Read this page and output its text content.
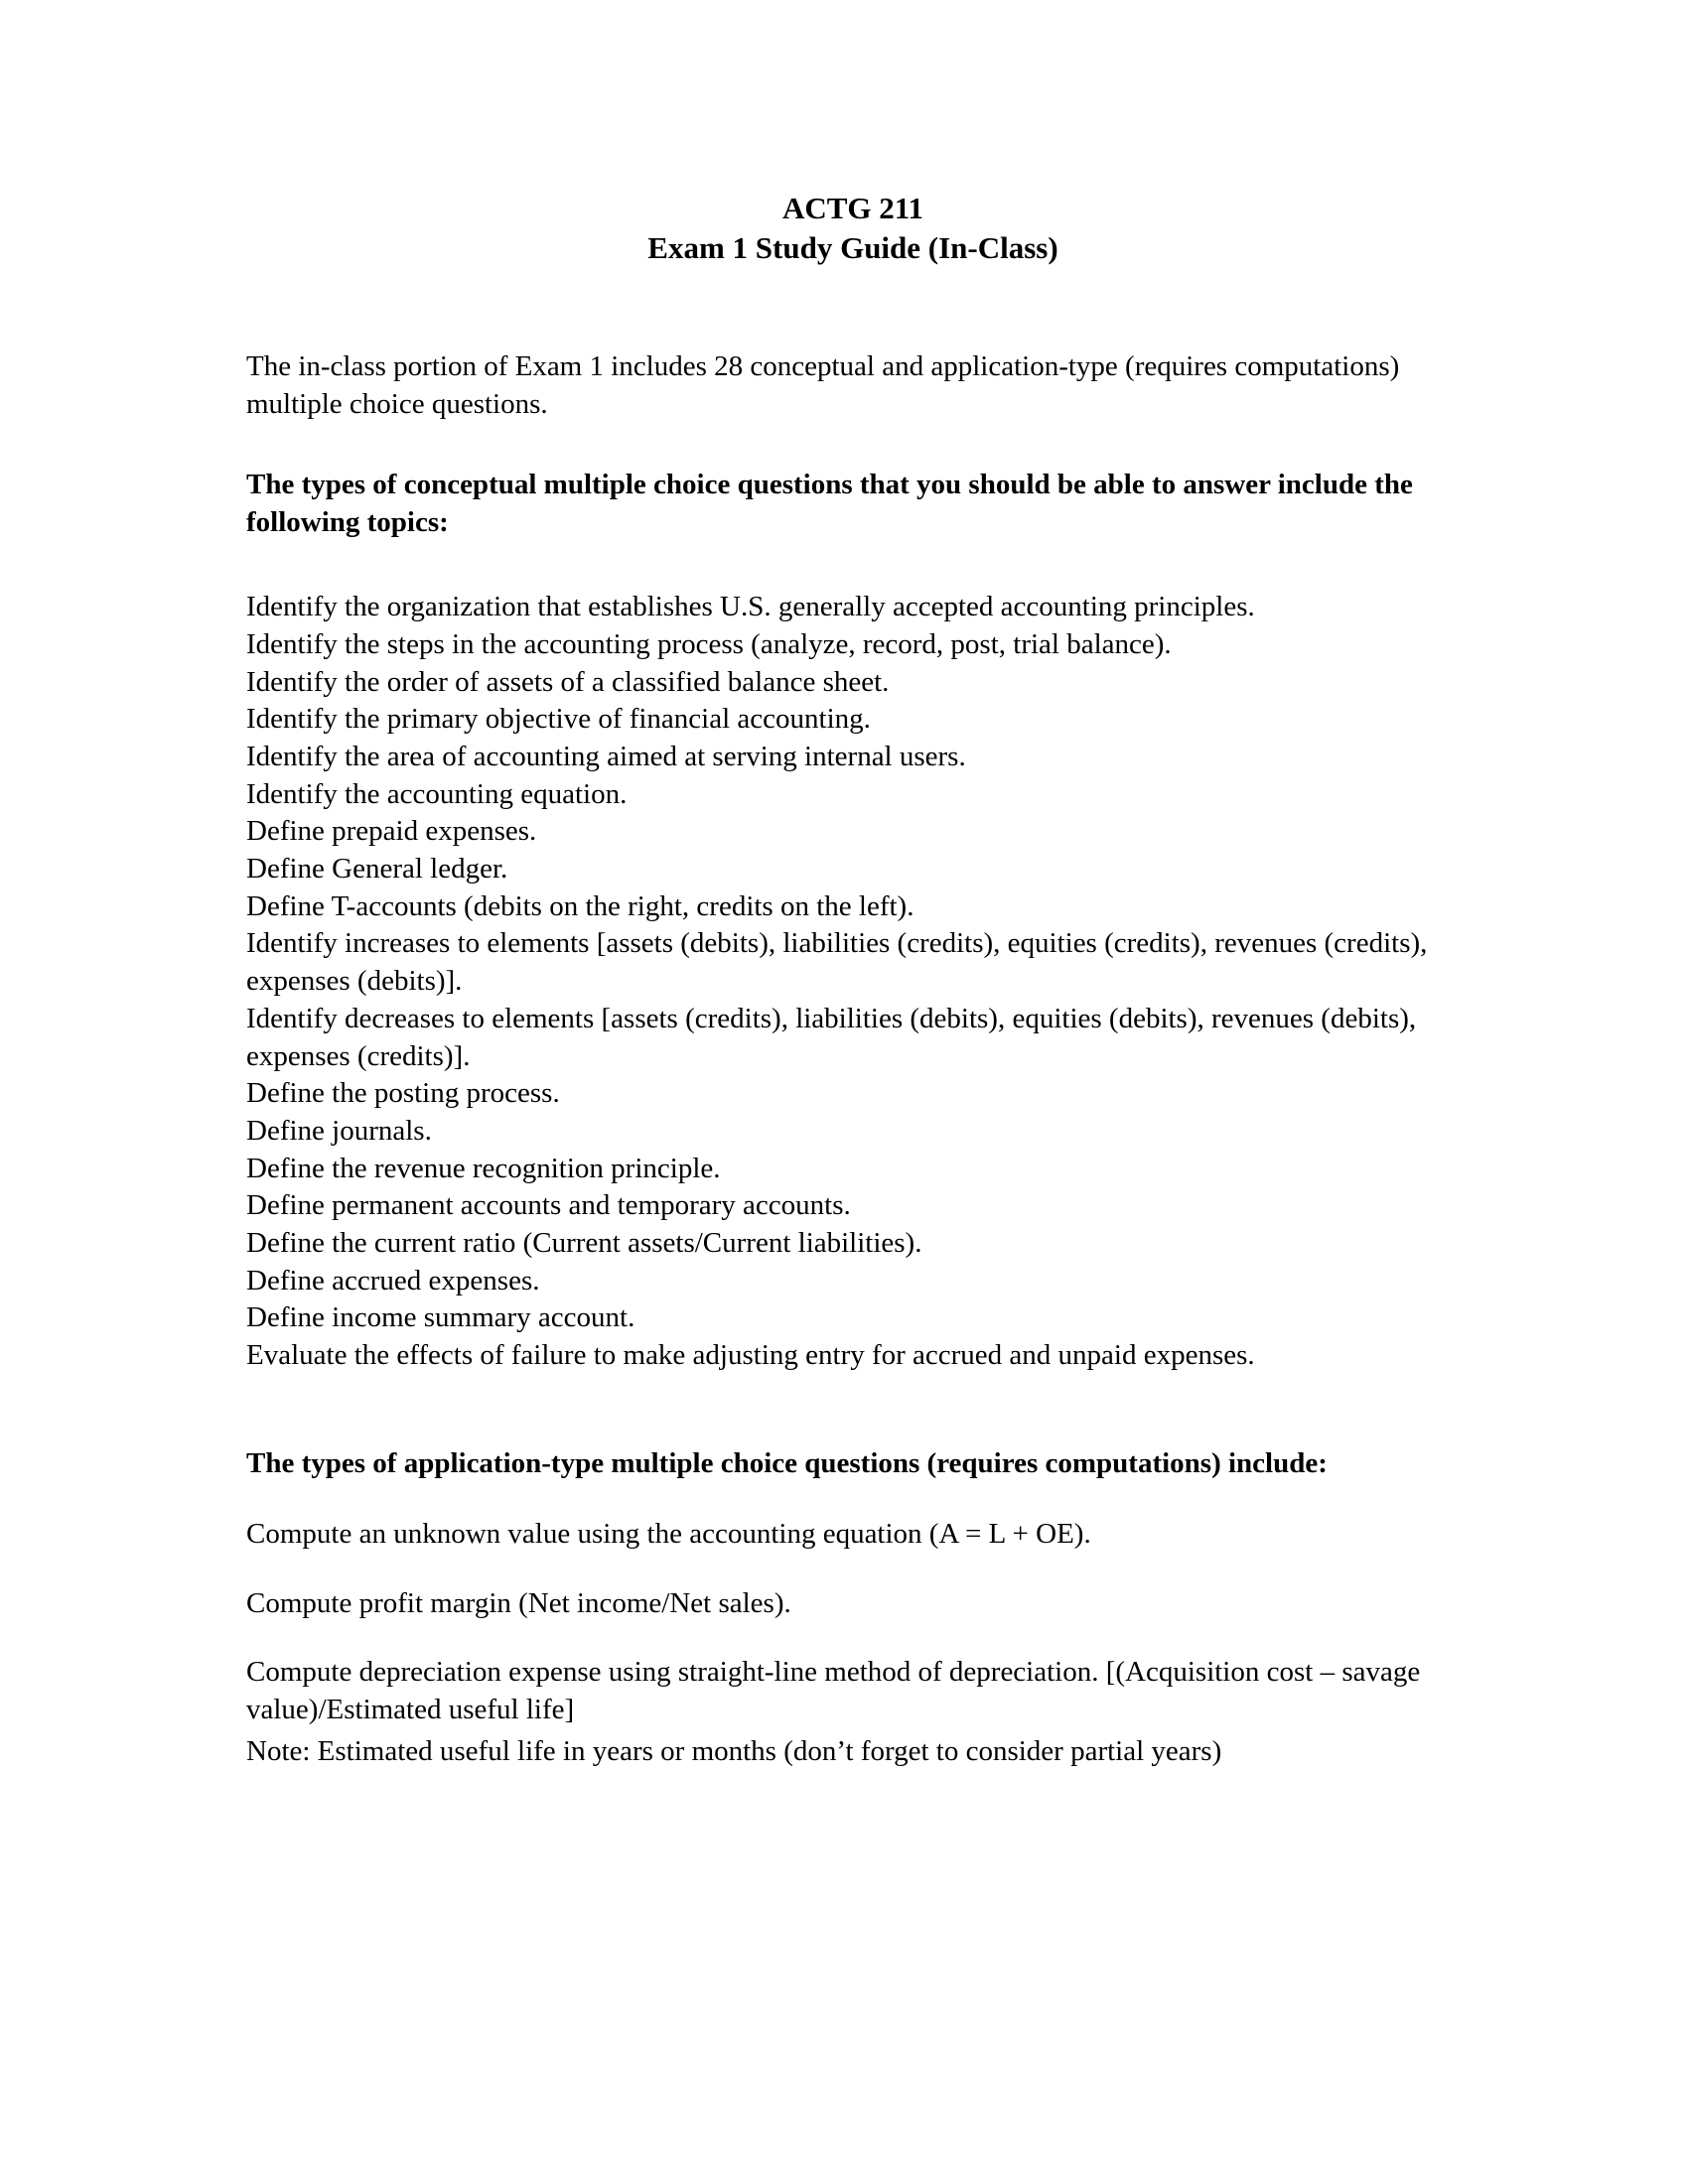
ACTG 211
Exam 1 Study Guide (In-Class)

The in-class portion of Exam 1 includes 28 conceptual and application-type (requires computations) multiple choice questions.

The types of conceptual multiple choice questions that you should be able to answer include the following topics:

Identify the organization that establishes U.S. generally accepted accounting principles.
Identify the steps in the accounting process (analyze, record, post, trial balance).
Identify the order of assets of a classified balance sheet.
Identify the primary objective of financial accounting.
Identify the area of accounting aimed at serving internal users.
Identify the accounting equation.
Define prepaid expenses.
Define General ledger.
Define T-accounts (debits on the right, credits on the left).
Identify increases to elements [assets (debits), liabilities (credits), equities (credits), revenues (credits), expenses (debits)].
Identify decreases to elements [assets (credits), liabilities (debits), equities (debits), revenues (debits), expenses (credits)].
Define the posting process.
Define journals.
Define the revenue recognition principle.
Define permanent accounts and temporary accounts.
Define the current ratio (Current assets/Current liabilities).
Define accrued expenses.
Define income summary account.
Evaluate the effects of failure to make adjusting entry for accrued and unpaid expenses.

The types of application-type multiple choice questions (requires computations) include:

Compute an unknown value using the accounting equation (A = L + OE).
Compute profit margin (Net income/Net sales).
Compute depreciation expense using straight-line method of depreciation. [(Acquisition cost – savage value)/Estimated useful life]

Note: Estimated useful life in years or months (don’t forget to consider partial years)
